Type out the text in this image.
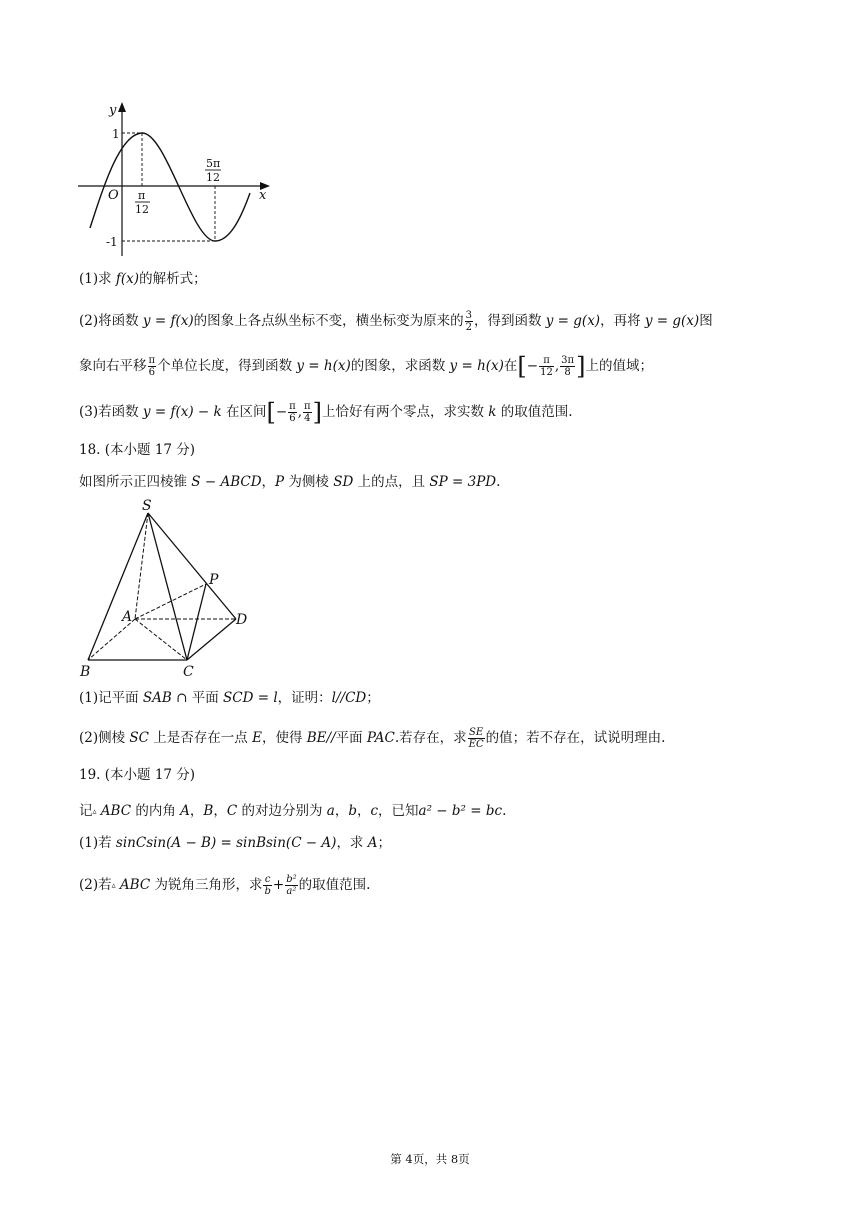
y
x
O
1
-1
π
12
5π
12
(1)求 f(x)的解析式；
(2)将函数 y = f(x)的图象上各点纵坐标不变，横坐标变为原来的 $\frac{3}{2}$ ，得到函数 y = g(x)，再将 y = g(x)图
象向右平移 $\frac{\pi}{6}$ 个单位长度，得到函数 y = h(x)的图象，求函数 y = h(x)在[− $\frac{\pi}{12}$ , $\frac{3\pi}{8}$ ]上的值域；
(3)若函数 y = f(x) − k 在区间[− $\frac{\pi}{6}$ , $\frac{\pi}{4}$ ]上恰好有两个零点，求实数 k 的取值范围.
18. (本小题 17 分)
如图所示正四棱锥 S − ABCD，P 为侧棱 SD 上的点，且 SP = 3PD.
S
P
A	D
B	C
(1)记平面 SAB ∩ 平面 SCD = l，证明：l//CD；
(2)侧棱 SC 上是否存在一点 E，使得 BE//平面 PAC.若存在，求 $\frac{SE}{EC}$ 的值；若不存在，试说明理由.
19. (本小题 17 分)
记▵ ABC 的内角 A，B，C 的对边分别为 a，b，c，已知a² − b² = bc.
(1)若 sinCsin(A − B) = sinBsin(C − A)，求 A；
(2)若▵ ABC 为锐角三角形，求 $\frac{c}{b} + \frac{\text{b²}}{\text{a²}}$ 的取值范围.
第 4页，共 8页
